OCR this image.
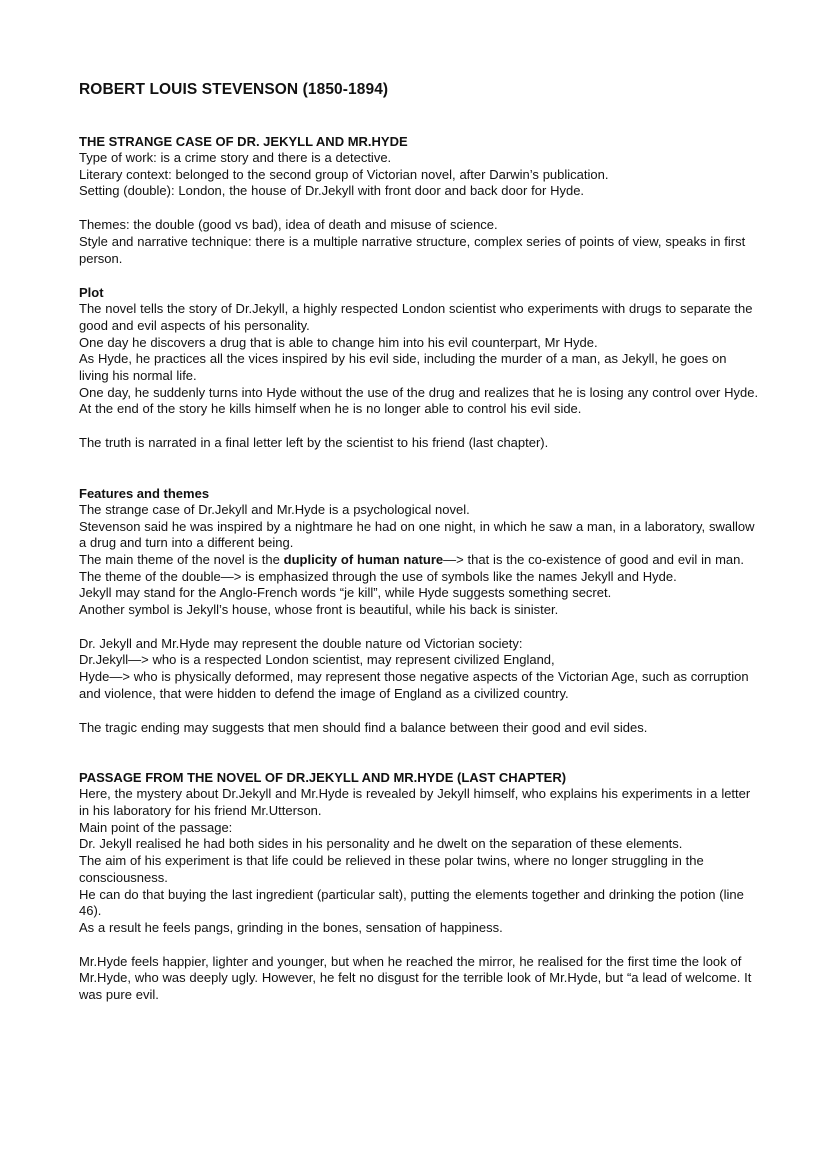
ROBERT LOUIS STEVENSON (1850-1894)
THE STRANGE CASE OF DR. JEKYLL AND MR.HYDE

Type of work: is a crime story and there is a detective.

Literary context: belonged to the second group of Victorian novel, after Darwin’s publication.

Setting (double): London, the house of Dr.Jekyll with front door and back door for Hyde.

Themes: the double (good vs bad), idea of death and misuse of science.

Style and narrative technique: there is a multiple narrative structure, complex series of points of view, speaks in first person.

Plot

The novel tells the story of Dr.Jekyll, a highly respected London scientist who experiments with drugs to separate the good and evil aspects of his personality.

One day he discovers a drug that is able to change him into his evil counterpart, Mr Hyde.

As Hyde, he practices all the vices inspired by his evil side, including the murder of a man, as Jekyll, he goes on living his normal life.

One day, he suddenly turns into Hyde without the use of the drug and realizes that he is losing any control over Hyde.

At the end of the story he kills himself when he is no longer able to control his evil side.

The truth is narrated in a final letter left by the scientist to his friend (last chapter).

Features and themes

The strange case of Dr.Jekyll and Mr.Hyde is a psychological novel.

Stevenson said he was inspired by a nightmare he had on one night, in which he saw a man, in a laboratory, swallow a drug and turn into a different being.

The main theme of the novel is the duplicity of human nature—> that is the co-existence of good and evil in man.

The theme of the double—> is emphasized through the use of symbols like the names Jekyll and Hyde.

Jekyll may stand for the Anglo-French words “je kill”, while Hyde suggests something secret.

Another symbol is Jekyll’s house, whose front is beautiful, while his back is sinister.

Dr. Jekyll and Mr.Hyde may represent the double nature od Victorian society:

Dr.Jekyll—> who is a respected London scientist, may represent civilized England,

Hyde—> who is physically deformed, may represent those negative aspects of the Victorian Age, such as corruption and violence, that were hidden to defend the image of England as a civilized country.

The tragic ending may suggests that men should find a balance between their good and evil sides.

PASSAGE FROM THE NOVEL OF DR.JEKYLL AND MR.HYDE (LAST CHAPTER)

Here, the mystery about Dr.Jekyll and Mr.Hyde is revealed by Jekyll himself, who explains his experiments in a letter in his laboratory for his friend Mr.Utterson.

Main point of the passage:

Dr. Jekyll realised he had both sides in his personality and he dwelt on the separation of these elements.

The aim of his experiment is that life could be relieved in these polar twins, where no longer struggling in the consciousness.

He can do that buying the last ingredient (particular salt), putting the elements together and drinking the potion (line 46).

As a result he feels pangs, grinding in the bones, sensation of happiness.

Mr.Hyde feels happier, lighter and younger, but when he reached the mirror, he realised for the first time the look of Mr.Hyde, who was deeply ugly. However, he felt no disgust for the terrible look of Mr.Hyde, but “a lead of welcome. It was pure evil.
